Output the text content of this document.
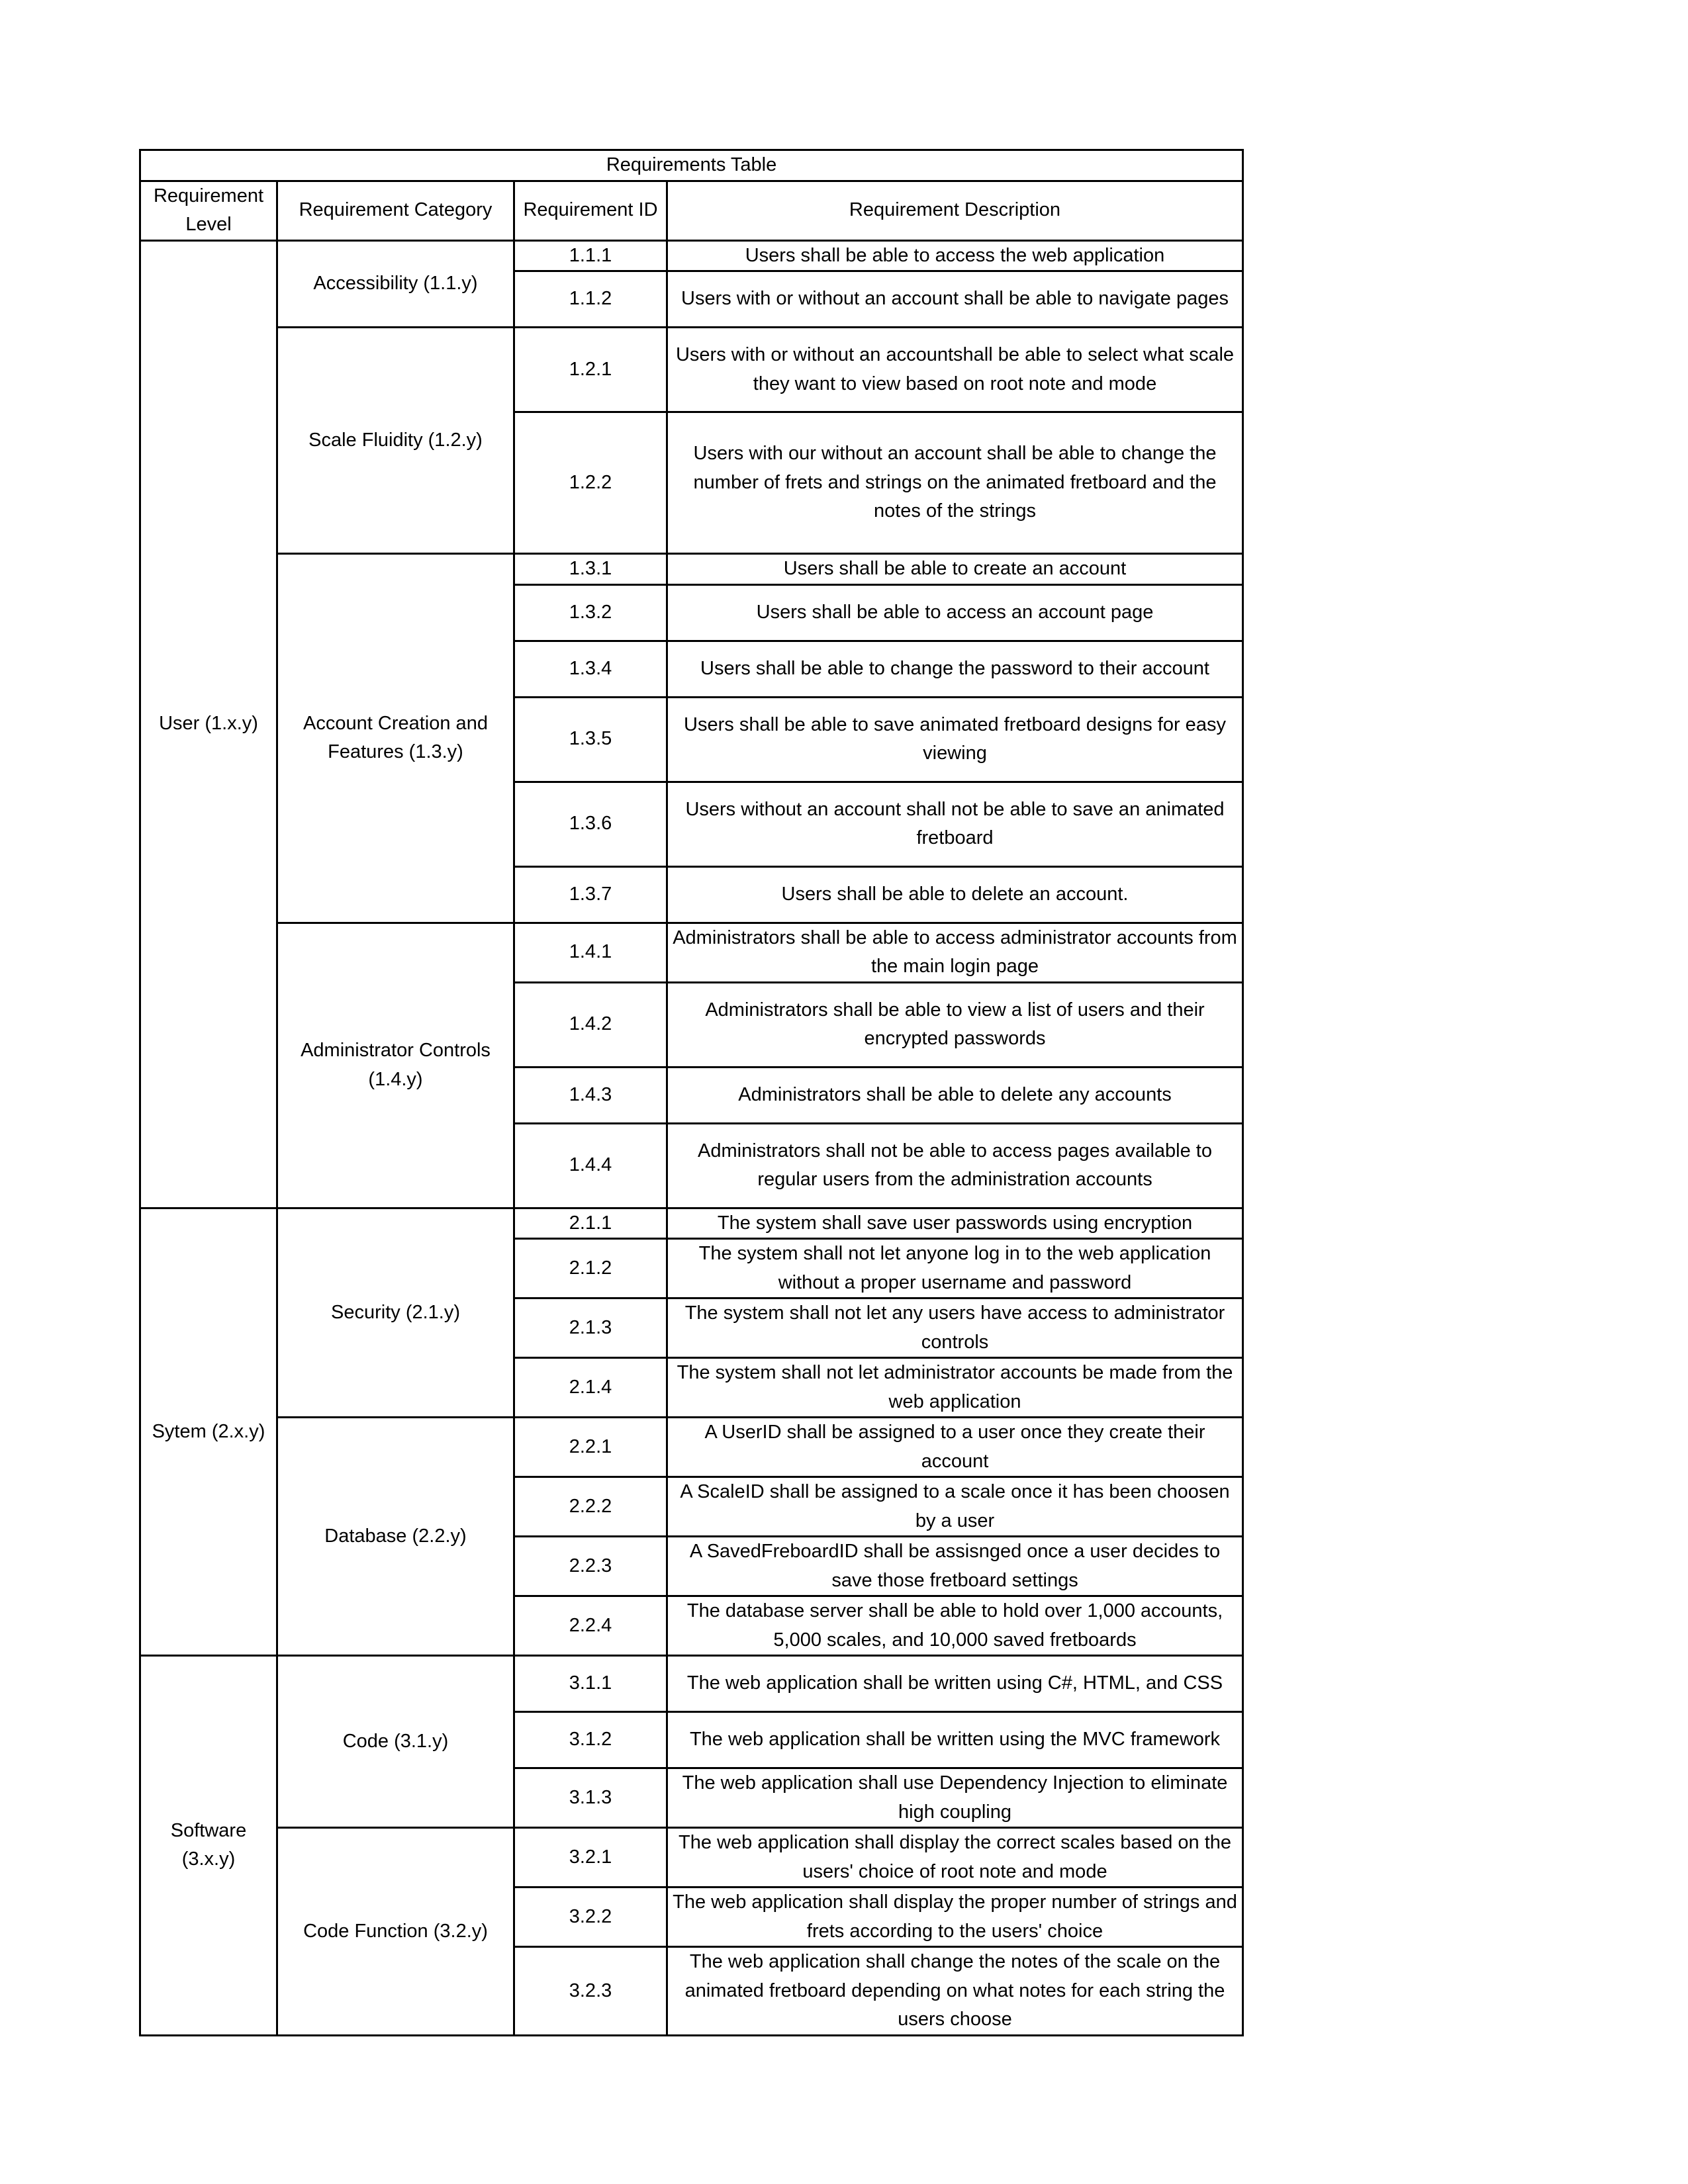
Requirements Table			
Requirement Level	Requirement Category	Requirement ID	Requirement Description
User (1.x.y)	Accessibility (1.1.y)	1.1.1	Users shall be able to access the web application
		1.1.2	Users with or without an account shall be able to navigate pages
	Scale Fluidity (1.2.y)	1.2.1	Users with or without an accountshall be able to select what scale they want to view based on root note and mode
		1.2.2	Users with our without an account shall be able to change the number of frets and strings on the animated fretboard and the notes of the strings
	Account Creation and Features (1.3.y)	1.3.1	Users shall be able to create an account
		1.3.2	Users shall be able to access an account page
		1.3.4	Users shall be able to change the password to their account
		1.3.5	Users shall be able to save animated fretboard designs for easy viewing
		1.3.6	Users without an account shall not be able to save an animated fretboard
		1.3.7	Users shall be able to delete an account.
	Administrator Controls (1.4.y)	1.4.1	Administrators shall be able to access administrator accounts from the main login page
		1.4.2	Administrators shall be able to view a list of users and their encrypted passwords
		1.4.3	Administrators shall be able to delete any accounts
		1.4.4	Administrators shall not be able to access pages available to regular users from the administration accounts
Sytem (2.x.y)	Security (2.1.y)	2.1.1	The system shall save user passwords using encryption
		2.1.2	The system shall not let anyone log in to the web application without a proper username and password
		2.1.3	The system shall not let any users have access to administrator controls
		2.1.4	The system shall not let administrator accounts be made from the web application
	Database (2.2.y)	2.2.1	A UserID shall be assigned to a user once they create their account
		2.2.2	A ScaleID shall be assigned to a scale once it has been choosen by a user
		2.2.3	A SavedFreboardID shall be assisnged once a user decides to save those fretboard settings
		2.2.4	The database server shall be able to hold over 1,000 accounts, 5,000 scales, and 10,000 saved fretboards
Software (3.x.y)	Code (3.1.y)	3.1.1	The web application shall be written using C#, HTML, and CSS
		3.1.2	The web application shall be written using the MVC framework
		3.1.3	The web application shall use Dependency Injection to eliminate high coupling
	Code Function (3.2.y)	3.2.1	The web application shall display the correct scales based on the users' choice of root note and mode
		3.2.2	The web application shall display the proper number of strings and frets according to the users' choice
		3.2.3	The web application shall change the notes of the scale on the animated fretboard depending on what notes for each string the users choose
